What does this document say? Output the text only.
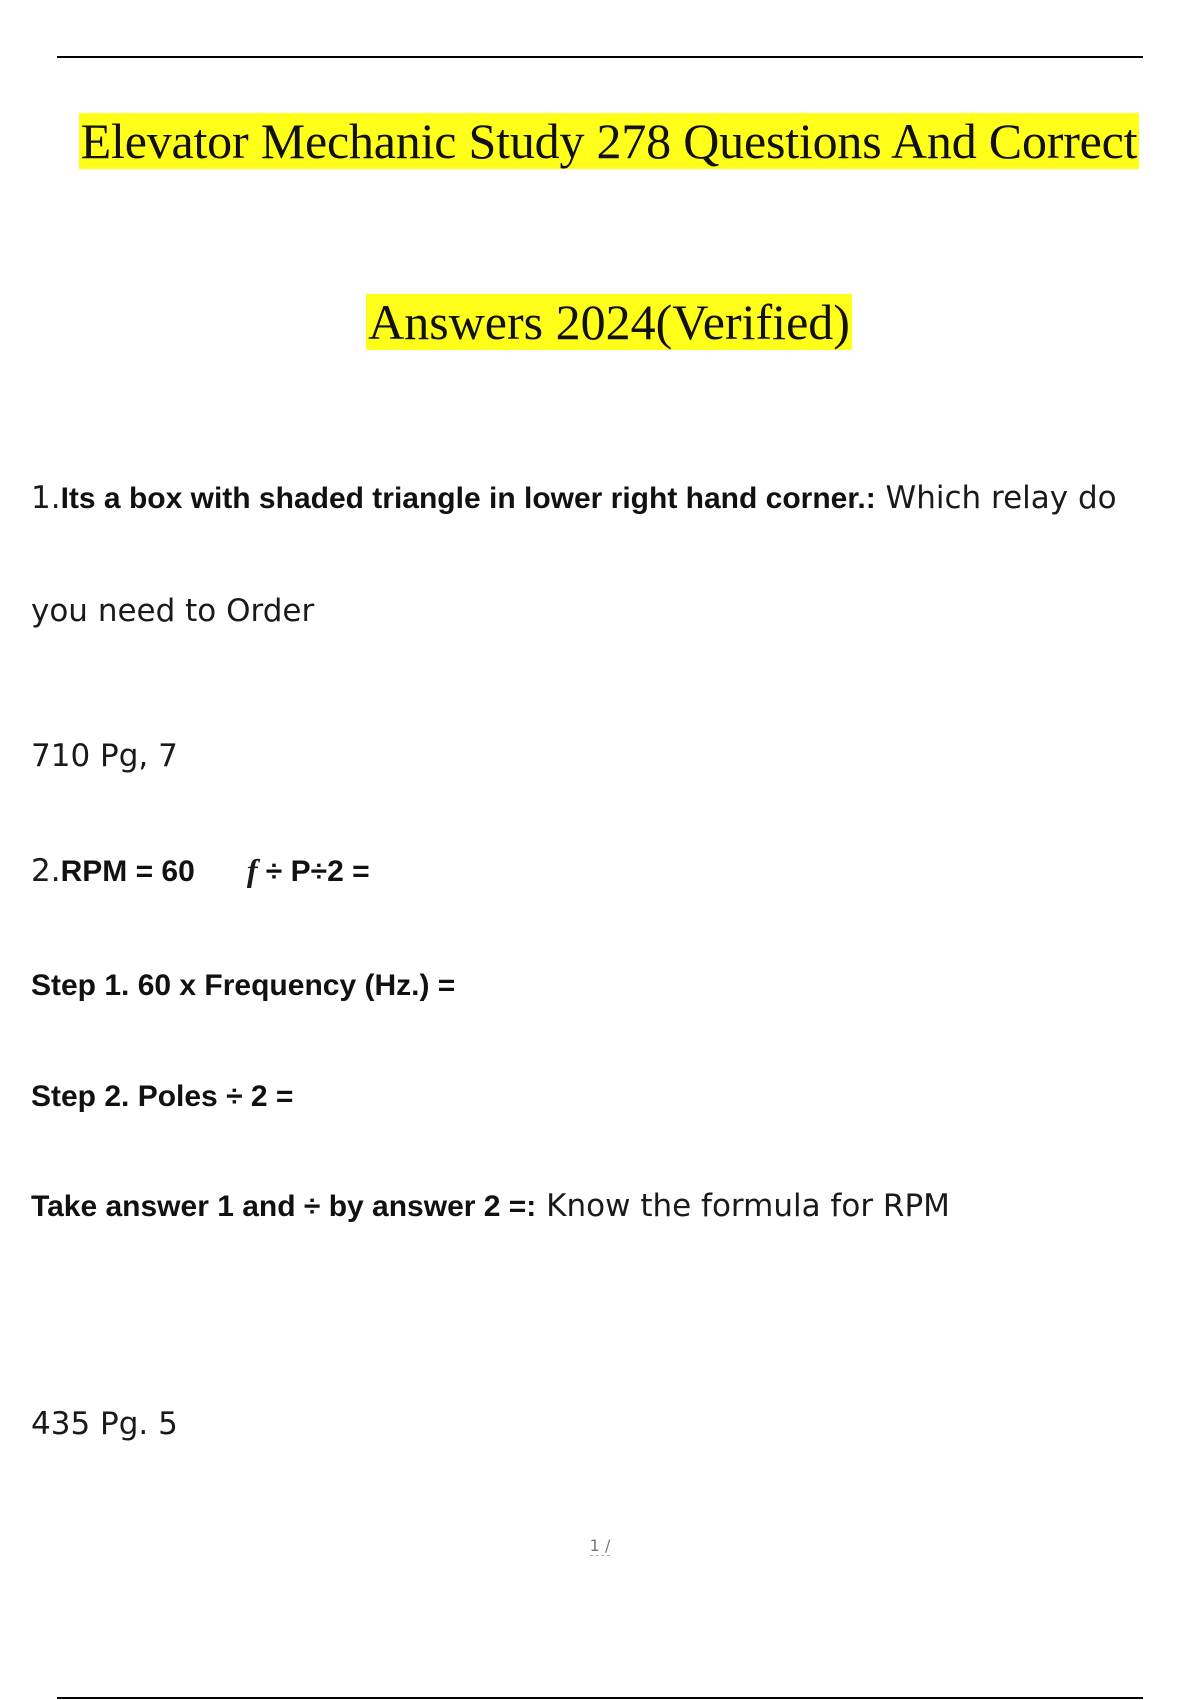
Elevator Mechanic Study 278 Questions And Correct
Answers 2024(Verified)
1.Its a box with shaded triangle in lower right hand corner.: Which relay do
you need to Order
710 Pg, 7
2.RPM = 60 f ÷ P÷2 =
Step 1. 60 x Frequency (Hz.) =
Step 2. Poles ÷ 2 =
Take answer 1 and ÷ by answer 2 =: Know the formula for RPM
435 Pg. 5
1 /
